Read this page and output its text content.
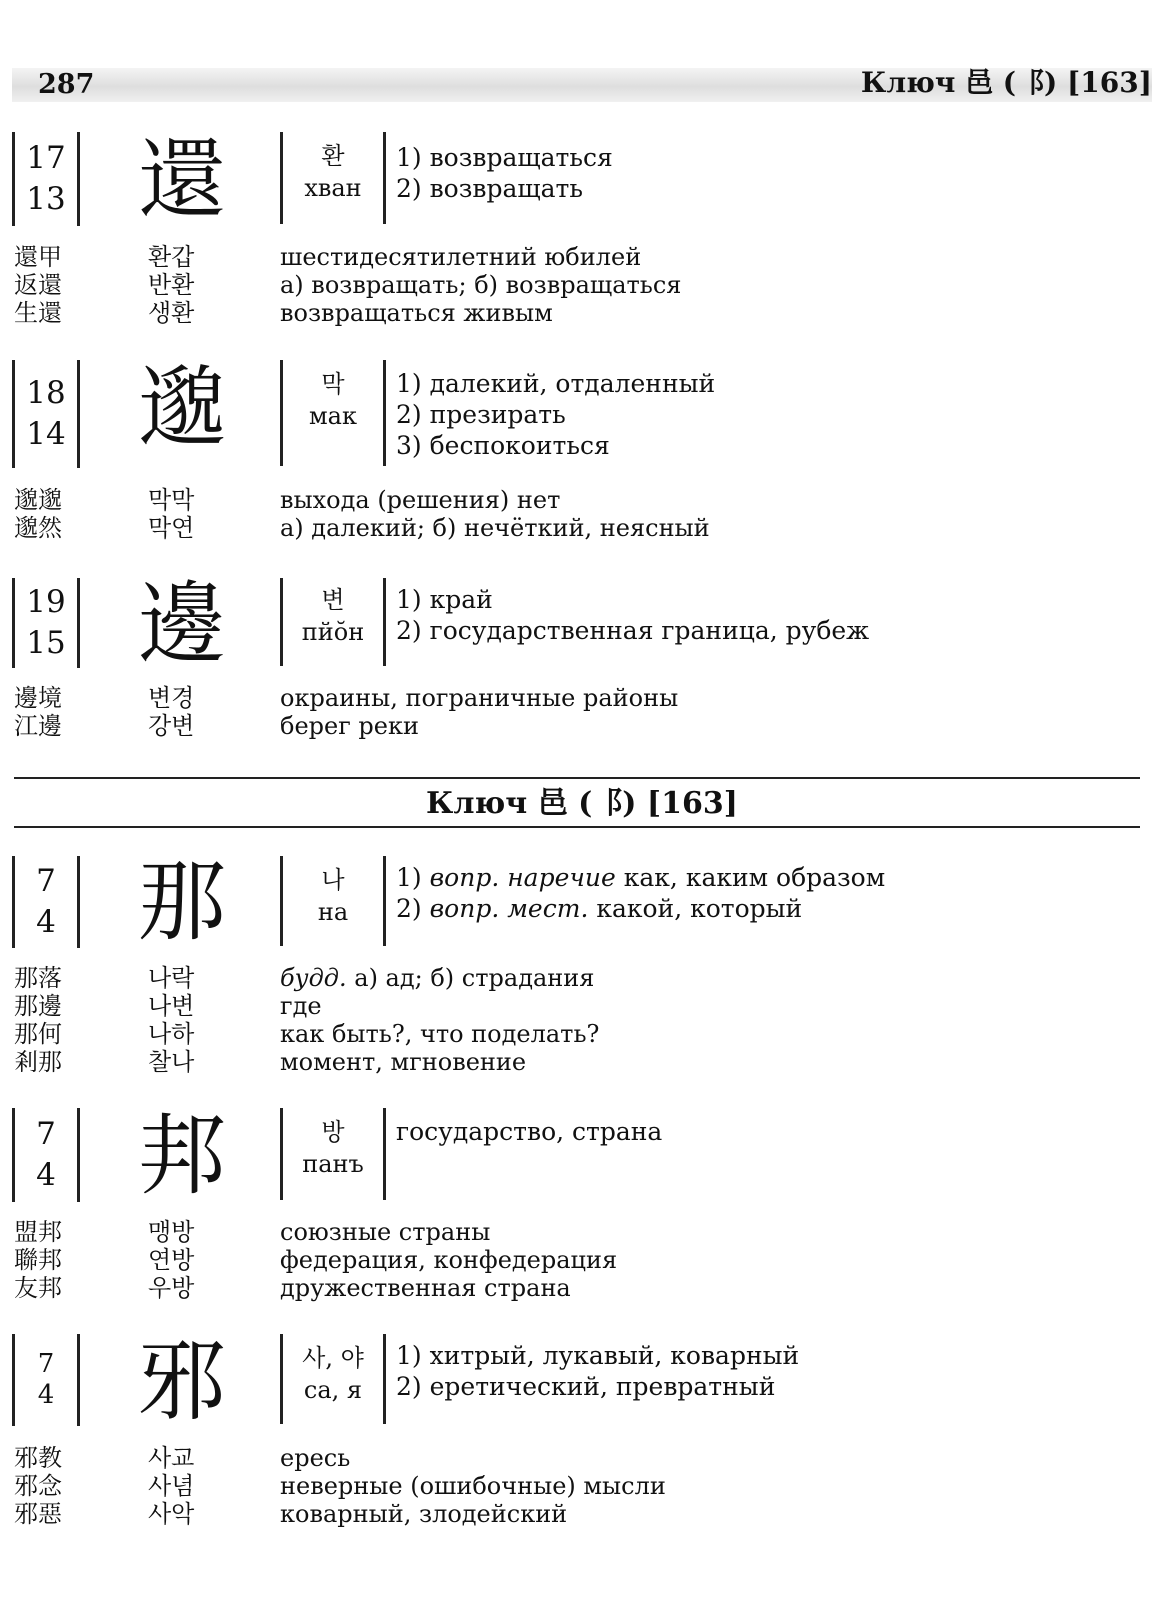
287	Ключ 邑 (⻏) [163]
17
13 還	환
хван
1) возвращаться
2) возвращать
還甲	환갑	шестидесятилетний юбилей
返還	반환	а) возвращать; б) возвращаться
生還	생환	возвращаться живым
18
14 邈	막
мак
1) далекий, отдаленный
2) презирать
3) беспокоиться
邈邈	막막	выхода (решения) нет
邈然	막연	а) далекий; б) нечёткий, неясный
19
15 邊	변
пйŏн
1) край
2) государственная граница, рубеж
邊境	변경	окраины, пограничные районы
江邊	강변	берег реки
Ключ 邑 (⻏) [163]
7
4 那	나
на
1) вопр. наречие как, каким образом
2) вопр. мест. какой, который
那落	나락	будд. а) ад; б) страдания
那邊	나변	где
那何	나하	как быть?, что поделать?
剎那	찰나	момент, мгновение
7
4 邦	방
панъ
государство, страна
盟邦	맹방	союзные страны
聯邦	연방	федерация, конфедерация
友邦	우방	дружественная страна
7
4 邪	사, 야
са, я
1) хитрый, лукавый, коварный
2) еретический, превратный
邪教	사교	ересь
邪念	사념	неверные (ошибочные) мысли
邪惡	사악	коварный, злодейский
